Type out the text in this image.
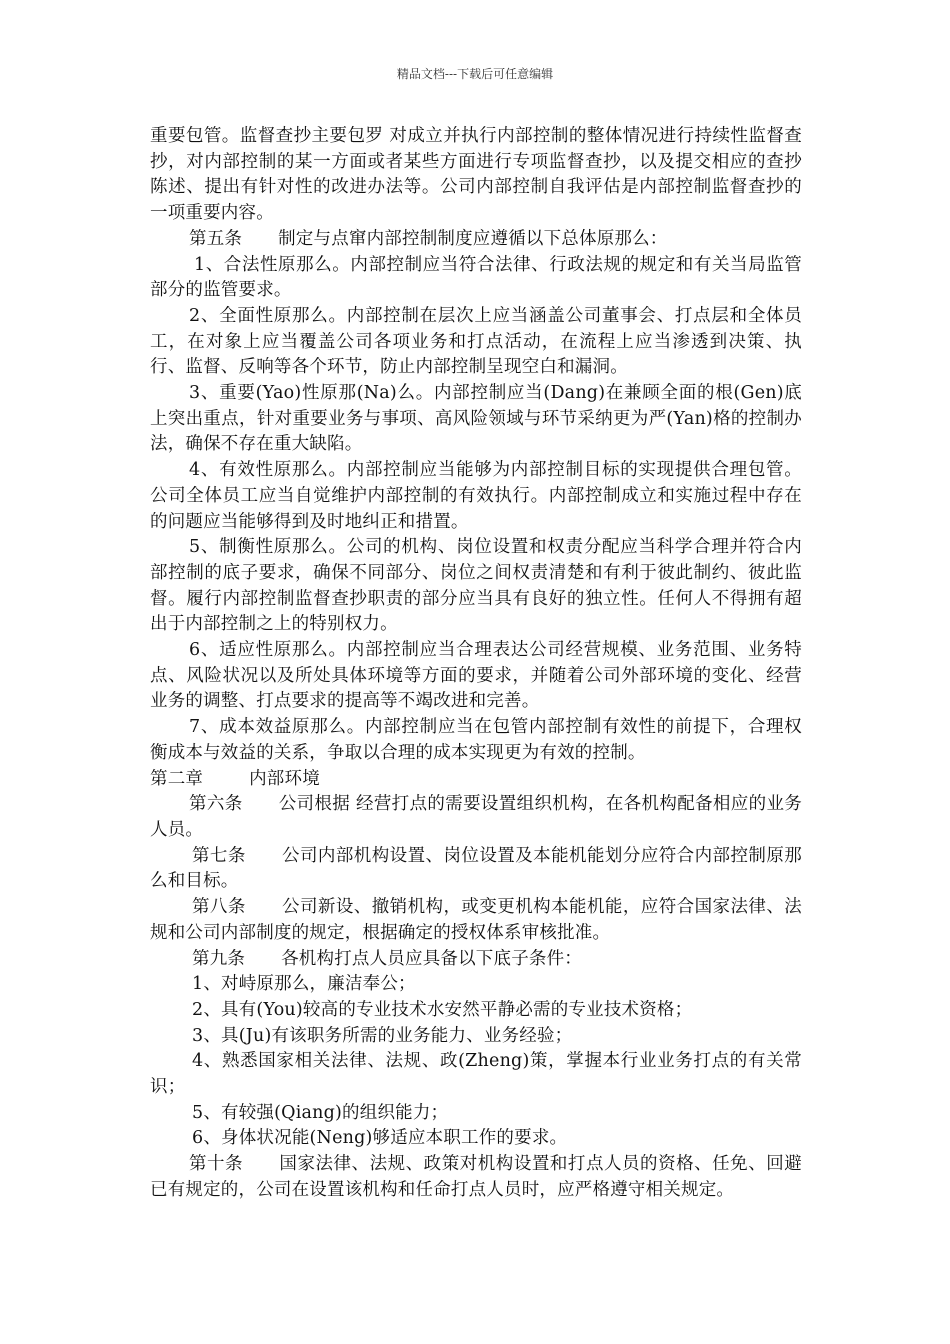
精品文档---下载后可任意编辑

重要包管。监督查抄主要包罗 对成立并执行内部控制的整体情况进行持续性监督查抄，对内部控制的某一方面或者某些方面进行专项监督查抄，以及提交相应的查抄陈述、提出有针对性的改进办法等。公司内部控制自我评估是内部控制监督查抄的一项重要内容。

第五条 制定与点窜内部控制制度应遵循以下总体原那么：

1、合法性原那么。内部控制应当符合法律、行政法规的规定和有关当局监管部分的监管要求。

2、全面性原那么。内部控制在层次上应当涵盖公司董事会、打点层和全体员工，在对象上应当覆盖公司各项业务和打点活动，在流程上应当渗透到决策、执行、监督、反响等各个环节，防止内部控制呈现空白和漏洞。

3、重要(Yao)性原那(Na)么。内部控制应当(Dang)在兼顾全面的根(Gen)底上突出重点，针对重要业务与事项、高风险领域与环节采纳更为严(Yan)格的控制办法，确保不存在重大缺陷。

4、有效性原那么。内部控制应当能够为内部控制目标的实现提供合理包管。公司全体员工应当自觉维护内部控制的有效执行。内部控制成立和实施过程中存在的问题应当能够得到及时地纠正和措置。

5、制衡性原那么。公司的机构、岗位设置和权责分配应当科学合理并符合内部控制的底子要求，确保不同部分、岗位之间权责清楚和有利于彼此制约、彼此监督。履行内部控制监督查抄职责的部分应当具有良好的独立性。任何人不得拥有超出于内部控制之上的特别权力。

6、适应性原那么。内部控制应当合理表达公司经营规模、业务范围、业务特点、风险状况以及所处具体环境等方面的要求，并随着公司外部环境的变化、经营业务的调整、打点要求的提高等不竭改进和完善。

7、成本效益原那么。内部控制应当在包管内部控制有效性的前提下，合理权衡成本与效益的关系，争取以合理的成本实现更为有效的控制。

第二章	内部环境

第六条 公司根据 经营打点的需要设置组织机构，在各机构配备相应的业务人员。

第七条 公司内部机构设置、岗位设置及本能机能划分应符合内部控制原那么和目标。

第八条 公司新设、撤销机构，或变更机构本能机能，应符合国家法律、法规和公司内部制度的规定，根据确定的授权体系审核批准。

第九条 各机构打点人员应具备以下底子条件：

1、对峙原那么，廉洁奉公；

2、具有(You)较高的专业技术水安然平静必需的专业技术资格；

3、具(Ju)有该职务所需的业务能力、业务经验；

4、熟悉国家相关法律、法规、政(Zheng)策，掌握本行业业务打点的有关常识；

5、有较强(Qiang)的组织能力；

6、身体状况能(Neng)够适应本职工作的要求。

第十条 国家法律、法规、政策对机构设置和打点人员的资格、任免、回避已有规定的，公司在设置该机构和任命打点人员时，应严格遵守相关规定。
